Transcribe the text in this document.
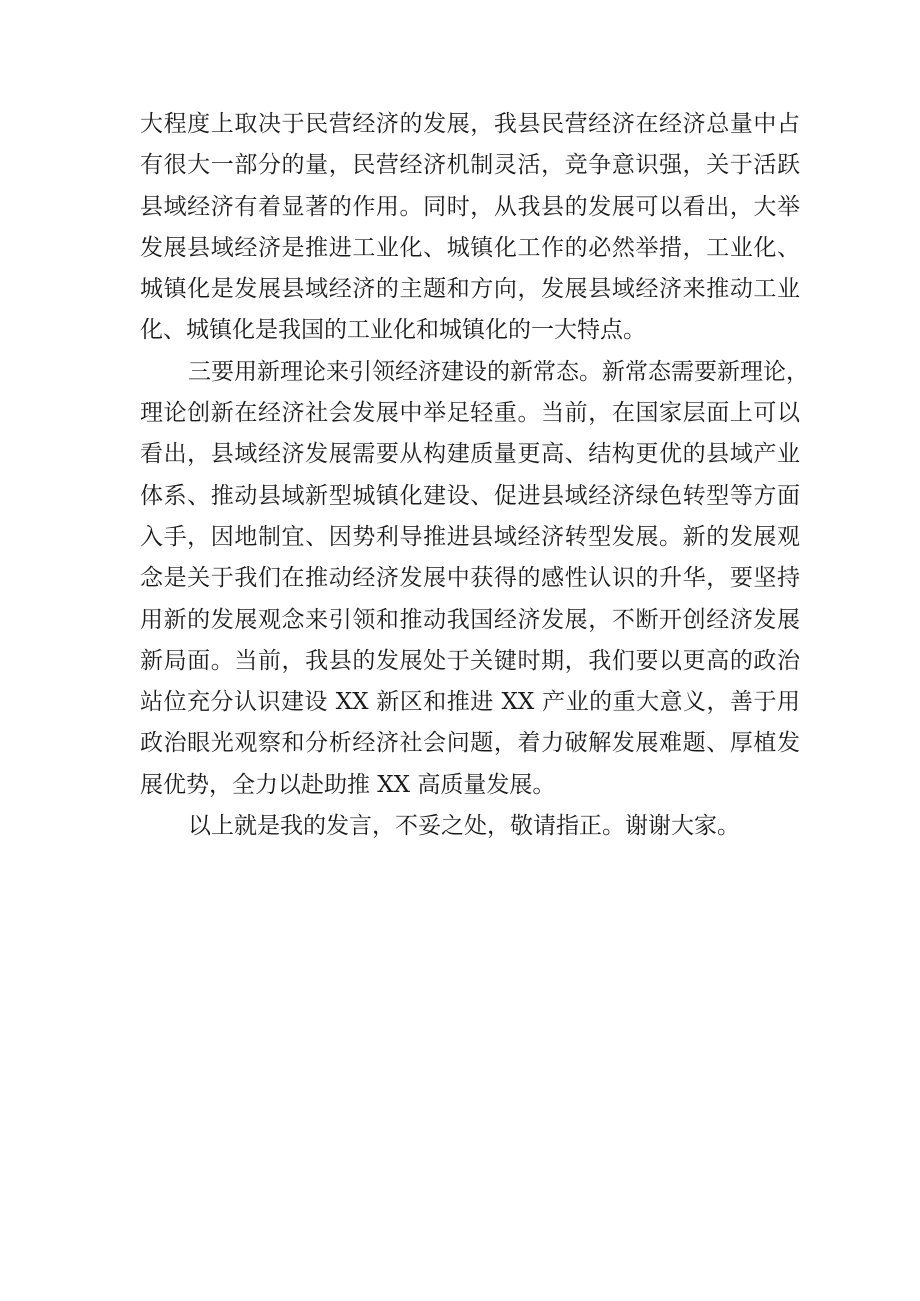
大程度上取决于民营经济的发展，我县民营经济在经济总量中占
有很大一部分的量，民营经济机制灵活，竞争意识强，关于活跃
县域经济有着显著的作用。同时，从我县的发展可以看出，大举
发展县域经济是推进工业化、城镇化工作的必然举措，工业化、
城镇化是发展县域经济的主题和方向，发展县域经济来推动工业
化、城镇化是我国的工业化和城镇化的一大特点。
三要用新理论来引领经济建设的新常态。新常态需要新理论，
理论创新在经济社会发展中举足轻重。当前，在国家层面上可以
看出，县域经济发展需要从构建质量更高、结构更优的县域产业
体系、推动县域新型城镇化建设、促进县域经济绿色转型等方面
入手，因地制宜、因势利导推进县域经济转型发展。新的发展观
念是关于我们在推动经济发展中获得的感性认识的升华，要坚持
用新的发展观念来引领和推动我国经济发展，不断开创经济发展
新局面。当前，我县的发展处于关键时期，我们要以更高的政治
站位充分认识建设 XX 新区和推进 XX 产业的重大意义，善于用
政治眼光观察和分析经济社会问题，着力破解发展难题、厚植发
展优势，全力以赴助推 XX 高质量发展。
以上就是我的发言，不妥之处，敬请指正。谢谢大家。
